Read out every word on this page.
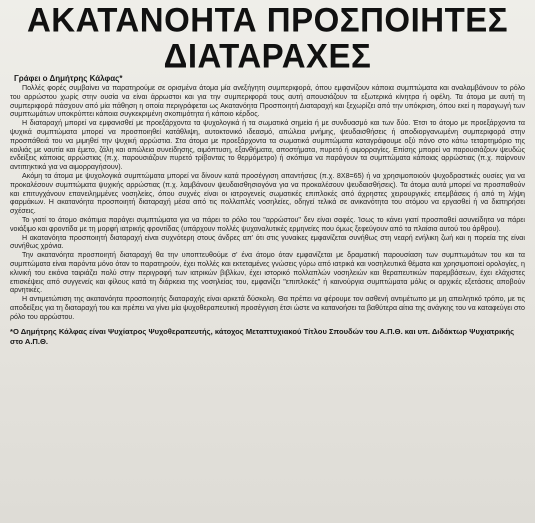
ΑΚΑΤΑΝΟΗΤΑ ΠΡΟΣΠΟΙΗΤΕΣ
ΔΙΑΤΑΡΑΧΕΣ
Γράφει ο Δημήτρης Κάλφας*

Πολλές φορές συμβαίνει να παρατηρούμε σε ορισμένα άτομα μία ανεξήγητη συμπεριφορά, όπου εμφανίζουν κάποια συμπτώματα και αναλαμβάνουν το ρόλο του αρρώστου χωρίς στην ουσία να είναι άρρωστοι και για την συμπεριφορά τους αυτή απουσιάζουν τα εξωτερικά κίνητρα ή οφέλη. Τα άτομα με αυτή τη συμπεριφορά πάσχουν από μία πάθηση η οποία περιγράφεται ως Ακατανόητα Προσποιητή Διαταραχή και ξεχωρίζει από την υπόκριση, όπου εκεί η παραγωγή των συμπτωμάτων υποκρύπτει κάποια συγκεκριμένη σκοπιμότητα ή κάποιο κέρδος.

Η διαταραχή μπορεί να εμφανισθεί με προεξάρχοντα τα ψυχολογικά ή τα σωματικά σημεία ή με συνδυασμό και των δύο. Έτσι το άτομο με προεξάρχοντα τα ψυχικά συμπτώματα μπορεί να προσποιηθεί κατάθλιψη, αυτοκτονικό ιδεασμό, απώλεια μνήμης, ψευδαισθήσεις ή αποδιοργανωμένη συμπεριφορά στην προσπάθειά του να μιμηθεί την ψυχική αρρώστια. Στα άτομα με προεξάρχοντα τα σωματικά συμπτώματα καταγράφουμε οξύ πόνο στο κάτω τεταρτημόριο της κοιλιάς με ναυτία και έμετο, ζάλη και απώλεια συνείδησης, αιμόπτυση, εξανθήματα, αποστήματα, πυρετό ή αιμορραγίες. Επίσης μπορεί να παρουσιάζουν ψευδώς ενδείξεις κάποιας αρρώστιας (π.χ. παρουσιάζουν πυρετό τρίβοντας το θερμόμετρο) ή σκόπιμα να παράγουν τα συμπτώματα κάποιας αρρώστιας (π.χ. παίρνουν αντιπηκτικά για να αιμορραγήσουν).

Ακόμη τα άτομα με ψυχολογικά συμπτώματα μπορεί να δίνουν κατά προσέγγιση απαντήσεις (π.χ. 8Χ8=65) ή να χρησιμοποιούν ψυχοδραστικές ουσίες για να προκαλέσουν συμπτώματα ψυχικής αρρώστιας (π.χ. λαμβάνουν ψευδαισθησιογόνα για να προκαλέσουν ψευδαισθήσεις). Τα άτομα αυτά μπορεί να προσπαθούν και επιτυγχάνουν επανειλημμένες νοσηλείες, όπου συχνές είναι οι ιατρογενείς σωματικές επιπλοκές από άχρηστες χειρουργικές επεμβάσεις ή από τη λήψη φαρμάκων. Η ακατανόητα προσποιητή διαταραχή μέσα από τις πολλαπλές νοσηλείες, οδηγεί τελικά σε ανικανότητα του ατόμου να εργασθεί ή να διατηρήσει σχέσεις.

Το γιατί το άτομο σκόπιμα παράγει συμπτώματα για να πάρει το ρόλο του "αρρώστου" δεν είναι σαφές. Ίσως το κάνει γιατί προσπαθεί ασυνείδητα να πάρει νοιάξιμο και φροντίδα με τη μορφή ιατρικής φροντίδας (υπάρχουν πολλές ψυχαναλυτικές ερμηνείες που όμως ξεφεύγουν από τα πλαίσια αυτού του άρθρου).

Η ακατανόητα προσποιητή διαταραχή είναι συχνότερη στους άνδρες απ' ότι στις γυναίκες εμφανίζεται συνήθως στη νεαρή ενήλικη ζωή και η πορεία της είναι συνήθως χρόνια.

Την ακατανόητα προσποιητή διαταραχή θα την υποπτευθούμε σ' ένα άτομο όταν εμφανίζεται με δραματική παρουσίαση των συμπτωμάτων του και τα συμπτώματα είναι παρόντα μόνο όταν το παρατηρούν, έχει πολλές και εκτεταμένες γνώσεις γύρω από ιατρικά και νοσηλευτικά θέματα και χρησιμοποιεί ορολογίες, η κλινική του εικόνα ταιριάζει πολύ στην περιγραφή των ιατρικών βιβλίων, έχει ιστορικό πολλαπλών νοσηλειών και θεραπευτικών παρεμβάσεων, έχει ελάχιστες επισκέψεις από συγγενείς και φίλους κατά τη διάρκεια της νοσηλείας του, εμφανίζει "επιπλοκές" ή καινούργια συμπτώματα μόλις οι αρχικές εξετάσεις αποβούν αρνητικές.

Η αντιμετώπιση της ακατανόητα προσποιητής διαταραχής είναι αρκετά δύσκολη. Θα πρέπει να φέρουμε τον ασθενή αντιμέτωπο με μη απειλητικό τρόπο, με τις αποδείξεις για τη διαταραχή του και πρέπει να γίνει μία ψυχοθεραπευτική προσέγγιση έτσι ώστε να κατανοήσει τα βαθύτερα αίτια της ανάγκης του να καταφεύγει στο ρόλο του αρρώστου.

*Ο Δημήτρης Κάλφας είναι Ψυχίατρος Ψυχοθεραπευτής, κάτοχος Μεταπτυχιακού Τίτλου Σπουδών του Α.Π.Θ. και υπ. Διδάκτωρ Ψυχιατρικής στο Α.Π.Θ.
